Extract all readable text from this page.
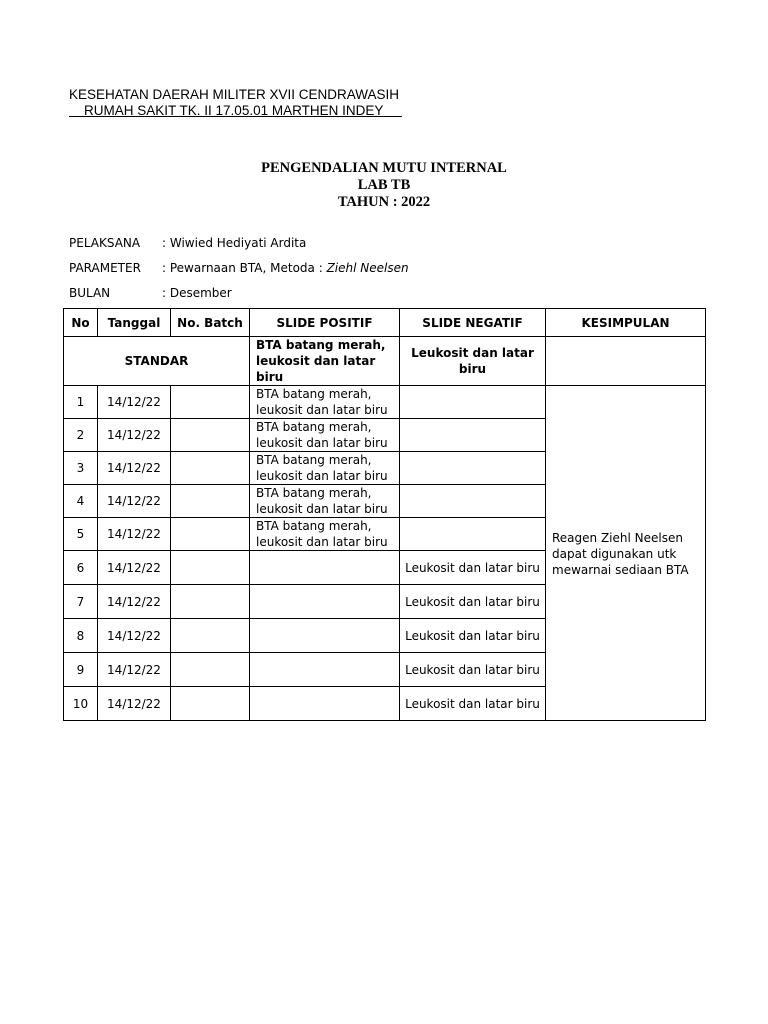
KESEHATAN DAERAH MILITER XVII CENDRAWASIH
RUMAH SAKIT TK. II 17.05.01 MARTHEN INDEY
PENGENDALIAN MUTU INTERNAL
LAB TB
TAHUN : 2022
PELAKSANA : Wiwied Hediyati Ardita
PARAMETER : Pewarnaan BTA, Metoda : Ziehl Neelsen
BULAN	: Desember
No	Tanggal	No. Batch	SLIDE POSITIF	SLIDE NEGATIF	KESIMPULAN
STANDAR			BTA batang merah, leukosit dan latar biru	Leukosit dan latar biru	
1	14/12/22		BTA batang merah, leukosit dan latar biru		Reagen Ziehl Neelsen dapat digunakan utk mewarnai sediaan BTA

2	14/12/22		BTA batang merah, leukosit dan latar biru		
3	14/12/22		BTA batang merah, leukosit dan latar biru		
4	14/12/22		BTA batang merah, leukosit dan latar biru		
5	14/12/22		BTA batang merah, leukosit dan latar biru		
6	14/12/22			Leukosit dan latar biru	
7	14/12/22			Leukosit dan latar biru	
8	14/12/22			Leukosit dan latar biru	
9	14/12/22			Leukosit dan latar biru	
10	14/12/22			Leukosit dan latar biru	
